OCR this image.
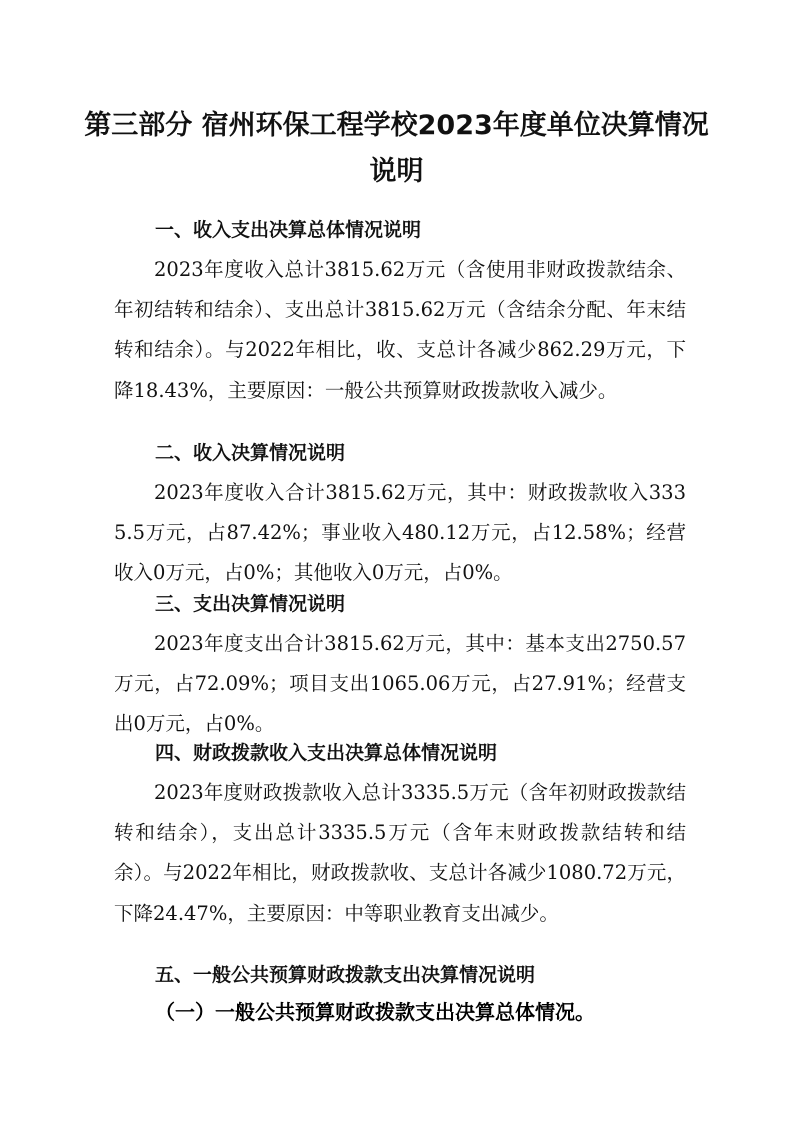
第三部分 宿州环保工程学校2023年度单位决算情况说明
一、收入支出决算总体情况说明

2023年度收入总计3815.62万元（含使用非财政拨款结余、年初结转和结余）、支出总计3815.62万元（含结余分配、年末结转和结余）。与2022年相比，收、支总计各减少862.29万元，下降18.43%，主要原因：一般公共预算财政拨款收入减少。

二、收入决算情况说明

2023年度收入合计3815.62万元，其中：财政拨款收入3335.5万元，占87.42%；事业收入480.12万元，占12.58%；经营收入0万元，占0%；其他收入0万元，占0%。

三、支出决算情况说明

2023年度支出合计3815.62万元，其中：基本支出2750.57万元，占72.09%；项目支出1065.06万元，占27.91%；经营支出0万元，占0%。

四、财政拨款收入支出决算总体情况说明

2023年度财政拨款收入总计3335.5万元（含年初财政拨款结转和结余），支出总计3335.5万元（含年末财政拨款结转和结余）。与2022年相比，财政拨款收、支总计各减少1080.72万元，下降24.47%，主要原因：中等职业教育支出减少。

五、一般公共预算财政拨款支出决算情况说明
（一）一般公共预算财政拨款支出决算总体情况。
